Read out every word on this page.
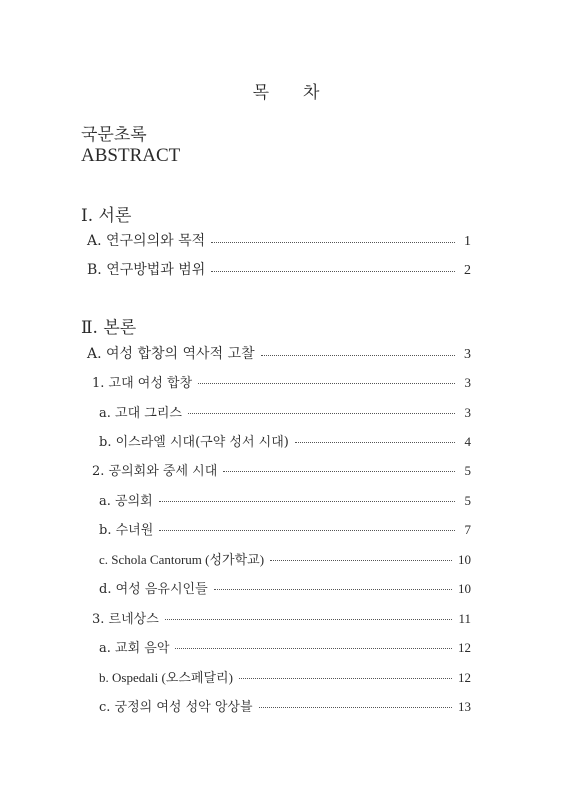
목 차
국문초록
ABSTRACT
Ⅰ. 서론
A. 연구의의와 목적	1
B. 연구방법과 범위	2
Ⅱ. 본론
A. 여성 합창의 역사적 고찰	3
1. 고대 여성 합창	3
a. 고대 그리스	3
b. 이스라엘 시대(구약 성서 시대)	4
2. 공의회와 중세 시대	5
a. 공의회	5
b. 수녀원	7
c. Schola Cantorum (성가학교)	10
d. 여성 음유시인들	10
3. 르네상스	11
a. 교회 음악	12
b. Ospedali (오스페달리)	12
c. 궁정의 여성 성악 앙상블	13
